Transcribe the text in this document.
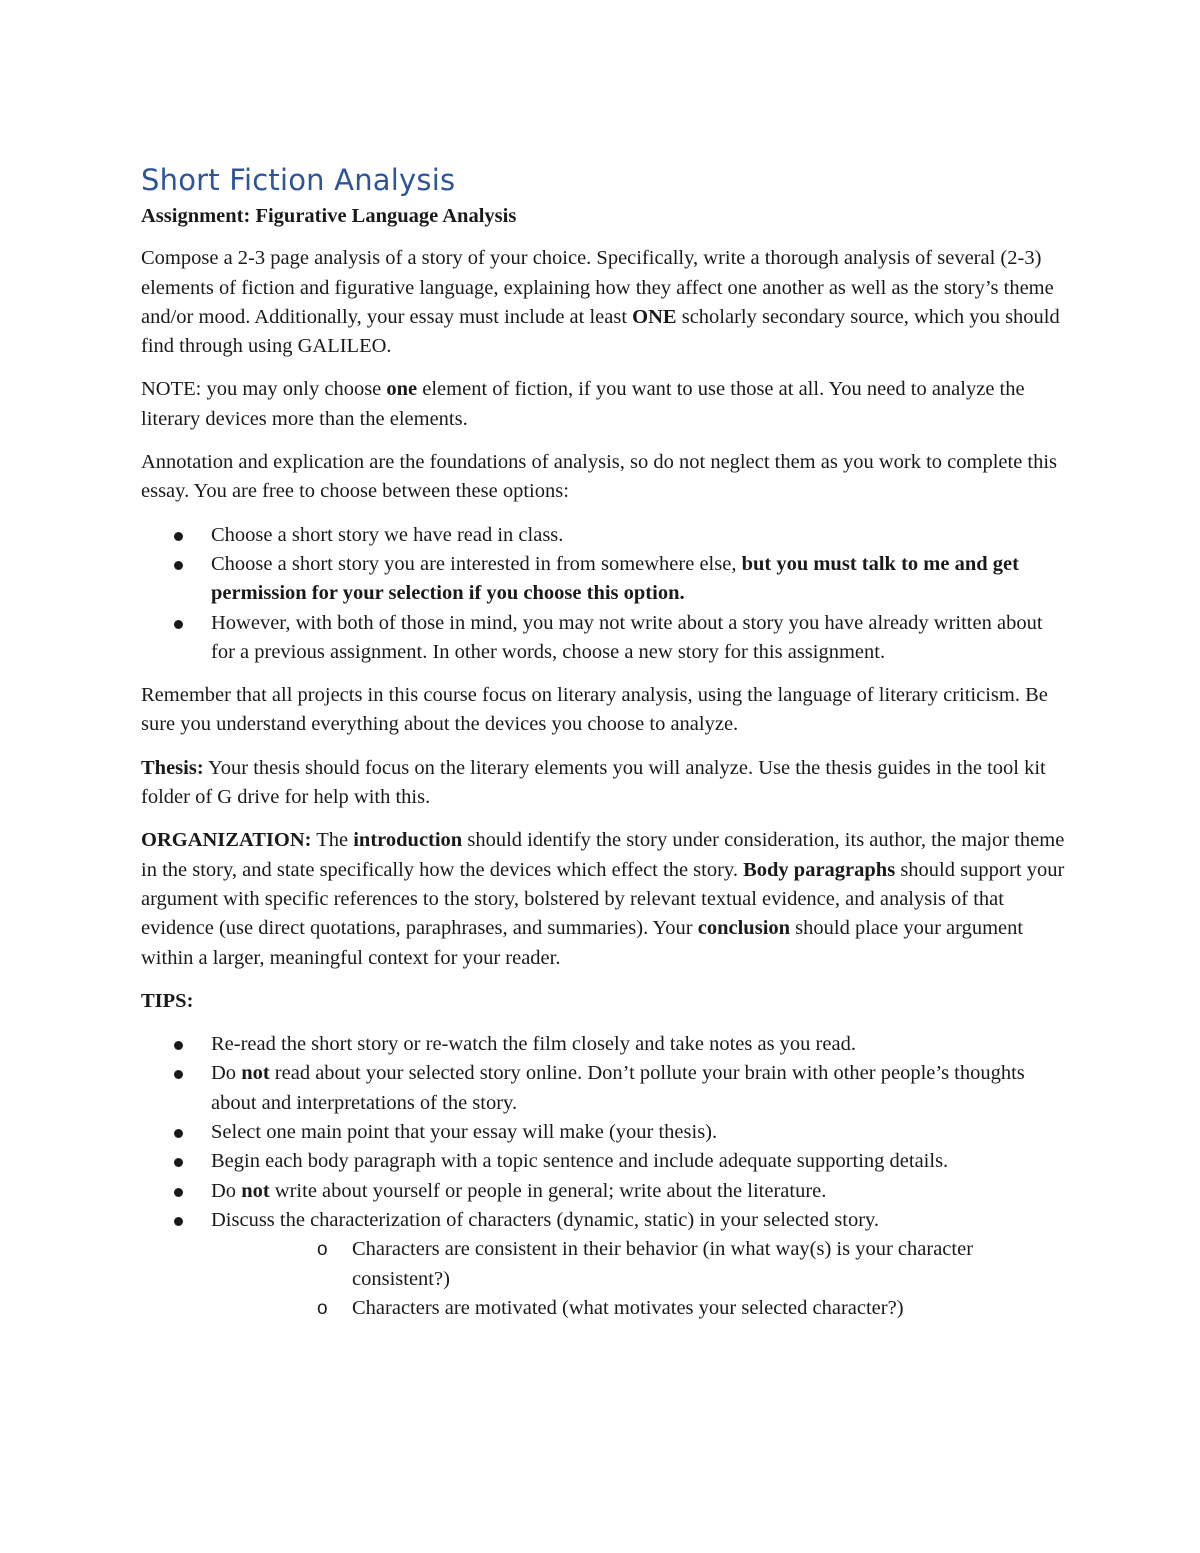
Short Fiction Analysis
Assignment: Figurative Language Analysis

Compose a 2-3 page analysis of a story of your choice. Specifically, write a thorough analysis of several (2-3) elements of fiction and figurative language, explaining how they affect one another as well as the story’s theme and/or mood. Additionally, your essay must include at least ONE scholarly secondary source, which you should find through using GALILEO.

NOTE: you may only choose one element of fiction, if you want to use those at all. You need to analyze the literary devices more than the elements.

Annotation and explication are the foundations of analysis, so do not neglect them as you work to complete this essay. You are free to choose between these options:

Choose a short story we have read in class.
Choose a short story you are interested in from somewhere else, but you must talk to me and get permission for your selection if you choose this option.
However, with both of those in mind, you may not write about a story you have already written about for a previous assignment. In other words, choose a new story for this assignment.

Remember that all projects in this course focus on literary analysis, using the language of literary criticism. Be sure you understand everything about the devices you choose to analyze.

Thesis: Your thesis should focus on the literary elements you will analyze. Use the thesis guides in the tool kit folder of G drive for help with this.

ORGANIZATION: The introduction should identify the story under consideration, its author, the major theme in the story, and state specifically how the devices which effect the story. Body paragraphs should support your argument with specific references to the story, bolstered by relevant textual evidence, and analysis of that evidence (use direct quotations, paraphrases, and summaries). Your conclusion should place your argument within a larger, meaningful context for your reader.

TIPS:

Re-read the short story or re-watch the film closely and take notes as you read.
Do not read about your selected story online. Don’t pollute your brain with other people’s thoughts about and interpretations of the story.
Select one main point that your essay will make (your thesis).
Begin each body paragraph with a topic sentence and include adequate supporting details.
Do not write about yourself or people in general; write about the literature.
Discuss the characterization of characters (dynamic, static) in your selected story.
o Characters are consistent in their behavior (in what way(s) is your character consistent?)
o Characters are motivated (what motivates your selected character?)
